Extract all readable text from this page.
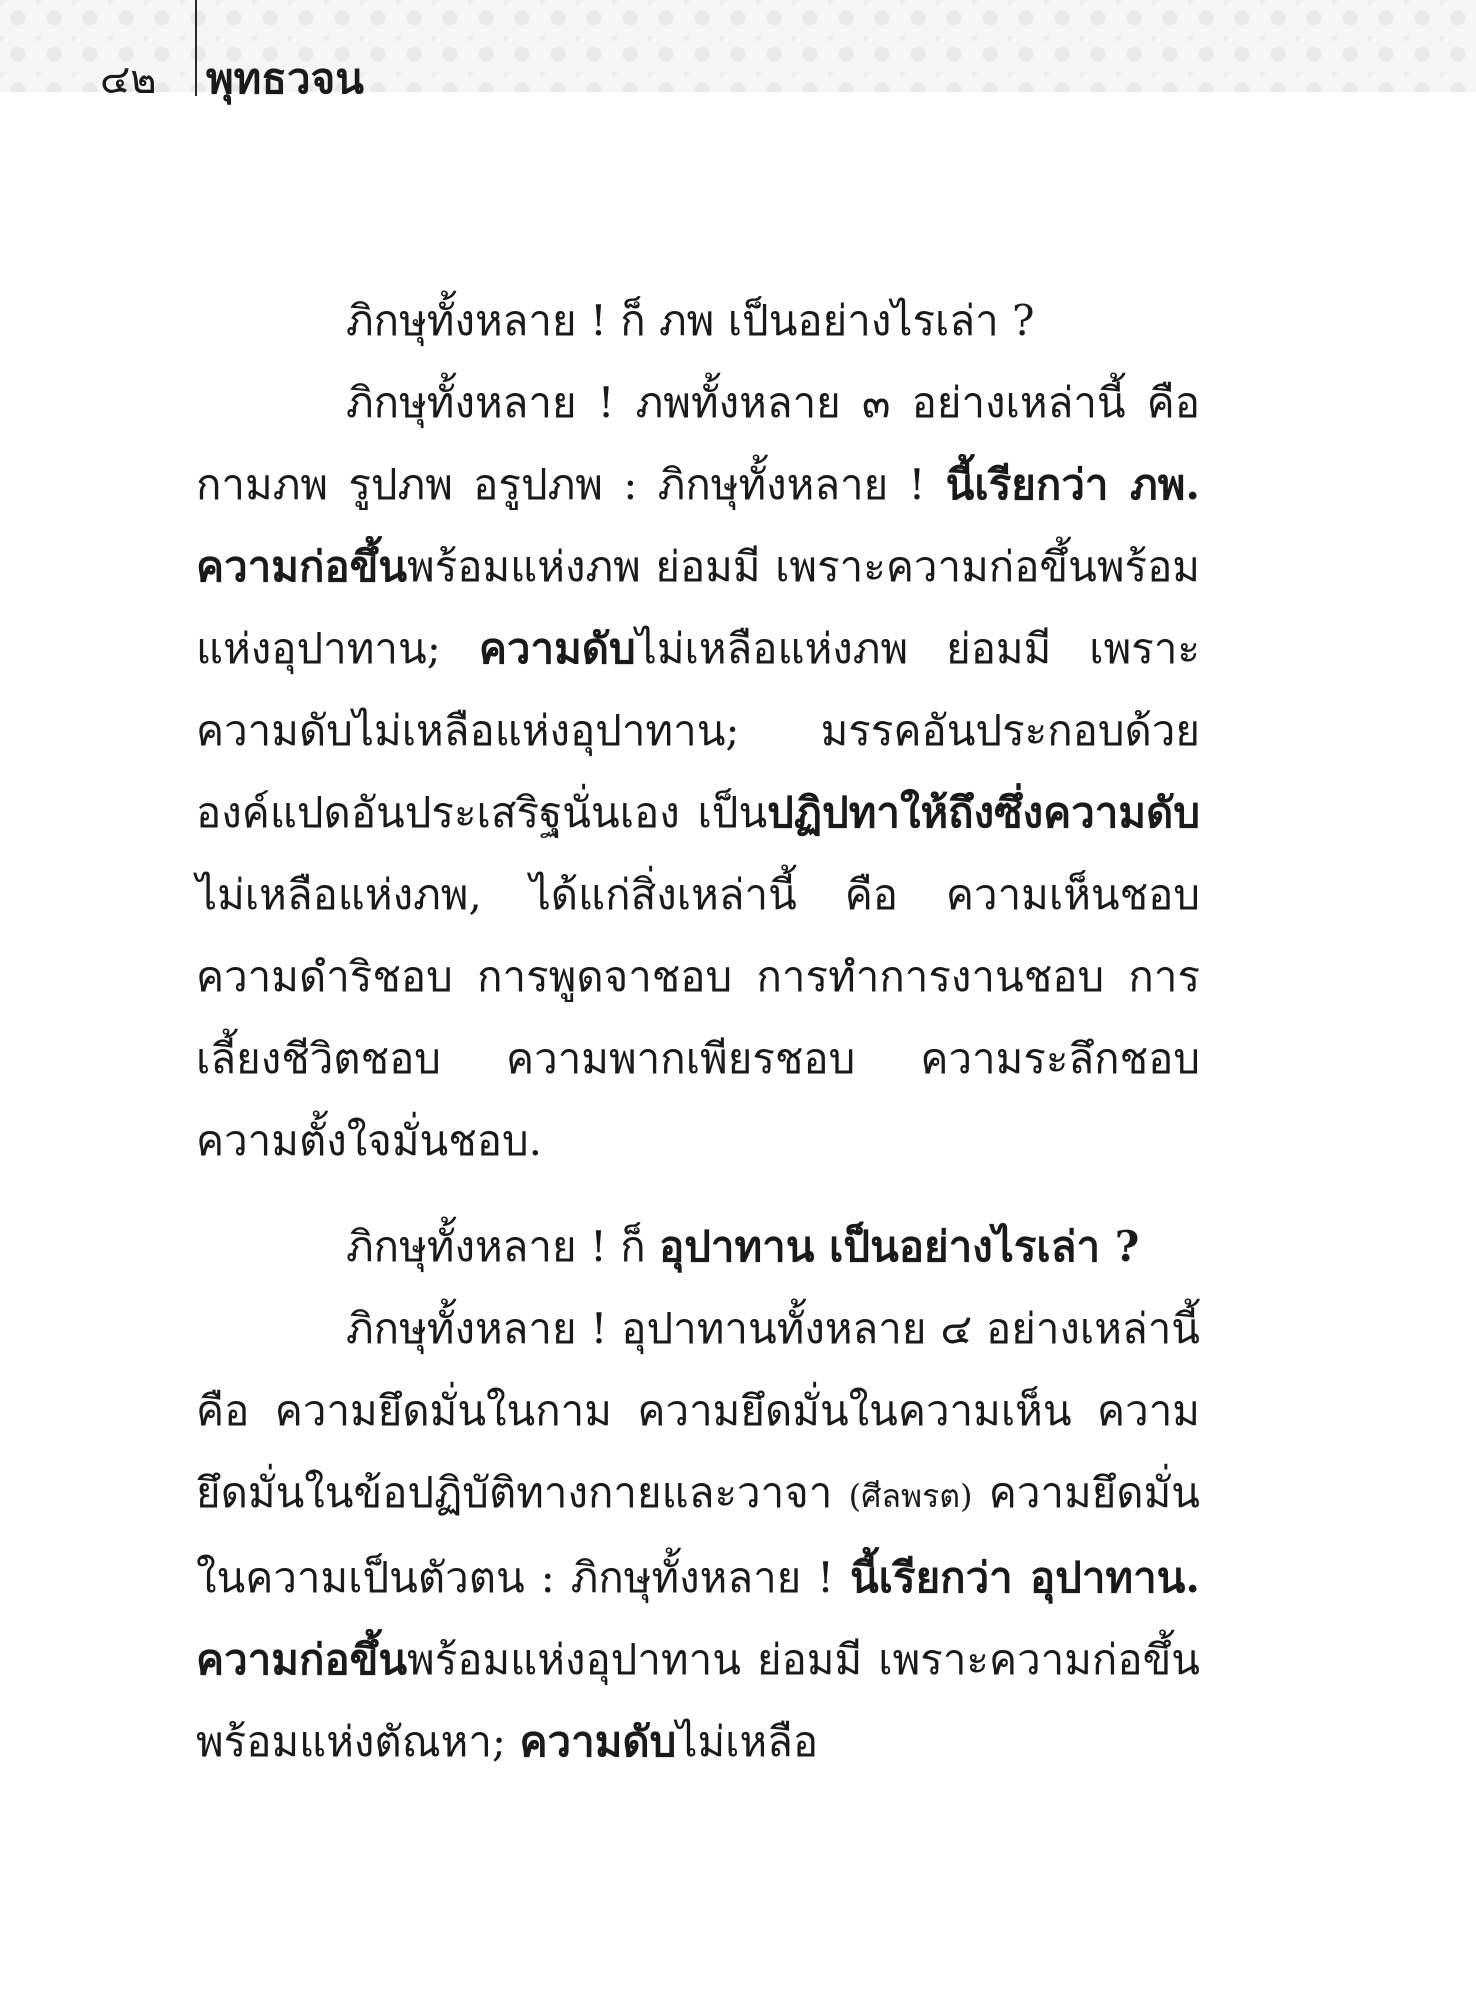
๔๒ พุทธวจน

ภิกษุทั้งหลาย ! ก็ ภพ เป็นอย่างไรเล่า ?

ภิกษุทั้งหลาย ! ภพทั้งหลาย ๓ อย่างเหล่านี้ คือ กามภพ รูปภพ อรูปภพ : ภิกษุทั้งหลาย ! นี้เรียกว่า ภพ. ความก่อขึ้นพร้อมแห่งภพ ย่อมมี เพราะความก่อขึ้นพร้อมแห่งอุปาทาน; ความดับไม่เหลือแห่งภพ ย่อมมี เพราะความดับไม่เหลือแห่งอุปาทาน; มรรคอันประกอบด้วยองค์แปดอันประเสริฐนั่นเอง เป็นปฏิปทาให้ถึงซึ่งความดับไม่เหลือแห่งภพ, ได้แก่สิ่งเหล่านี้ คือ ความเห็นชอบ ความดำริชอบ การพูดจาชอบ การทำการงานชอบ การเลี้ยงชีวิตชอบ ความพากเพียรชอบ ความระลึกชอบ ความตั้งใจมั่นชอบ.

ภิกษุทั้งหลาย ! ก็ อุปาทาน เป็นอย่างไรเล่า ?

ภิกษุทั้งหลาย ! อุปาทานทั้งหลาย ๔ อย่างเหล่านี้ คือ ความยึดมั่นในกาม ความยึดมั่นในความเห็น ความยึดมั่นในข้อปฏิบัติทางกายและวาจา (ศีลพรต) ความยึดมั่นในความเป็นตัวตน : ภิกษุทั้งหลาย ! นี้เรียกว่า อุปาทาน. ความก่อขึ้นพร้อมแห่งอุปาทาน ย่อมมี เพราะความก่อขึ้นพร้อมแห่งตัณหา; ความดับไม่เหลือ
